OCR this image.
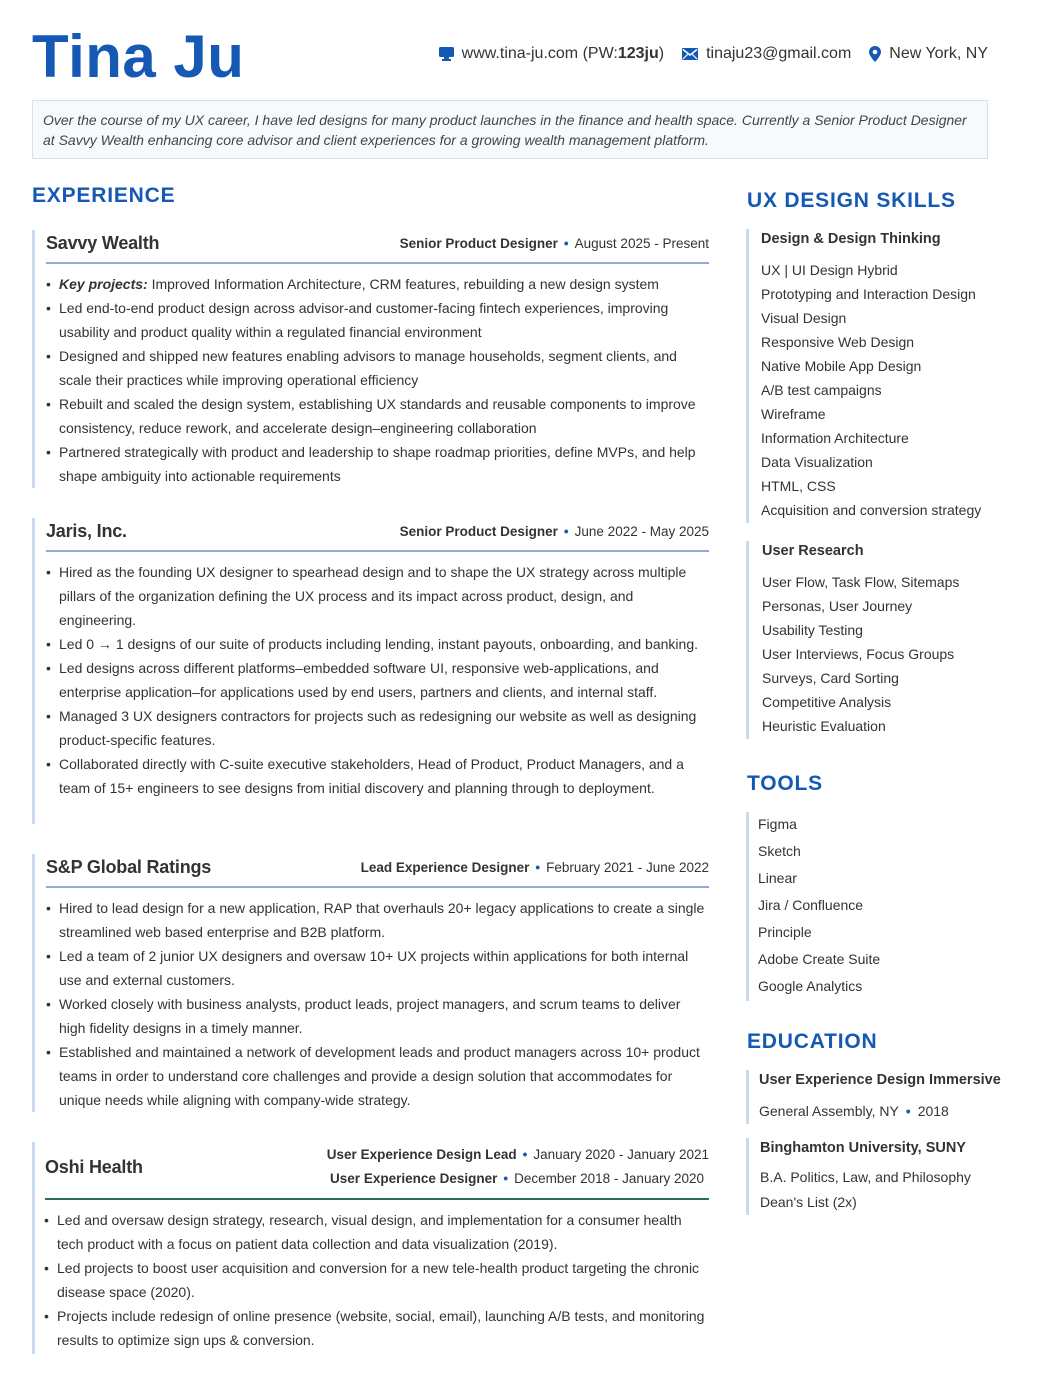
Tina Ju	www.tina-ju.com (PW: 123ju )	tinaju23@gmail.com New York, NY
Over the course of my UX career, I have led designs for many product launches in the finance and health space. Currently a Senior Product Designer at Savvy Wealth enhancing core advisor and client experiences for a growing wealth management platform.
EXPERIENCE
Savvy Wealth	Senior Product Designer • August 2025 - Present
• Key projects: Improved Information Architecture, CRM features, rebuilding a new design system
• Led end-to-end product design across advisor-and customer-facing fintech experiences, improving usability and product quality within a regulated financial environment
• Designed and shipped new features enabling advisors to manage households, segment clients, and scale their practices while improving operational efficiency
• Rebuilt and scaled the design system, establishing UX standards and reusable components to improve consistency, reduce rework, and accelerate design–engineering collaboration
• Partnered strategically with product and leadership to shape roadmap priorities, define MVPs, and help shape ambiguity into actionable requirements
Jaris, Inc.	Senior Product Designer • June 2022 - May 2025
• Hired as the founding UX designer to spearhead design and to shape the UX strategy across multiple pillars of the organization defining the UX process and its impact across product, design, and engineering.
• Led 0 → 1 designs of our suite of products including lending, instant payouts, onboarding, and banking.
• Led designs across different platforms–embedded software UI, responsive web-applications, and enterprise application–for applications used by end users, partners and clients, and internal staff.
• Managed 3 UX designers contractors for projects such as redesigning our website as well as designing product-specific features.
• Collaborated directly with C-suite executive stakeholders, Head of Product, Product Managers, and a team of 15+ engineers to see designs from initial discovery and planning through to deployment.
S&P Global Ratings	Lead Experience Designer • February 2021 - June 2022
• Hired to lead design for a new application, RAP that overhauls 20+ legacy applications to create a single streamlined web based enterprise and B2B platform.
• Led a team of 2 junior UX designers and oversaw 10+ UX projects within applications for both internal use and external customers.
• Worked closely with business analysts, product leads, project managers, and scrum teams to deliver high fidelity designs in a timely manner.
• Established and maintained a network of development leads and product managers across 10+ product teams in order to understand core challenges and provide a design solution that accommodates for unique needs while aligning with company-wide strategy.
Oshi Health
User Experience Design Lead • January 2020 - January 2021
User Experience Designer • December 2018 - January 2020
• Led and oversaw design strategy, research, visual design, and implementation for a consumer health tech product with a focus on patient data collection and data visualization (2019).
• Led projects to boost user acquisition and conversion for a new tele-health product targeting the chronic disease space (2020).
• Projects include redesign of online presence (website, social, email), launching A/B tests, and monitoring results to optimize sign ups & conversion.
UX DESIGN SKILLS
Design & Design Thinking
UX | UI Design Hybrid
Prototyping and Interaction Design
Visual Design
Responsive Web Design
Native Mobile App Design
A/B test campaigns
Wireframe
Information Architecture
Data Visualization
HTML, CSS
Acquisition and conversion strategy
User Research
User Flow, Task Flow, Sitemaps
Personas, User Journey
Usability Testing
User Interviews, Focus Groups
Surveys, Card Sorting
Competitive Analysis
Heuristic Evaluation
TOOLS
Figma
Sketch
Linear
Jira / Confluence
Principle
Adobe Create Suite
Google Analytics
EDUCATION
User Experience Design Immersive
General Assembly, NY • 2018
Binghamton University, SUNY
B.A. Politics, Law, and Philosophy
Dean's List (2x)
